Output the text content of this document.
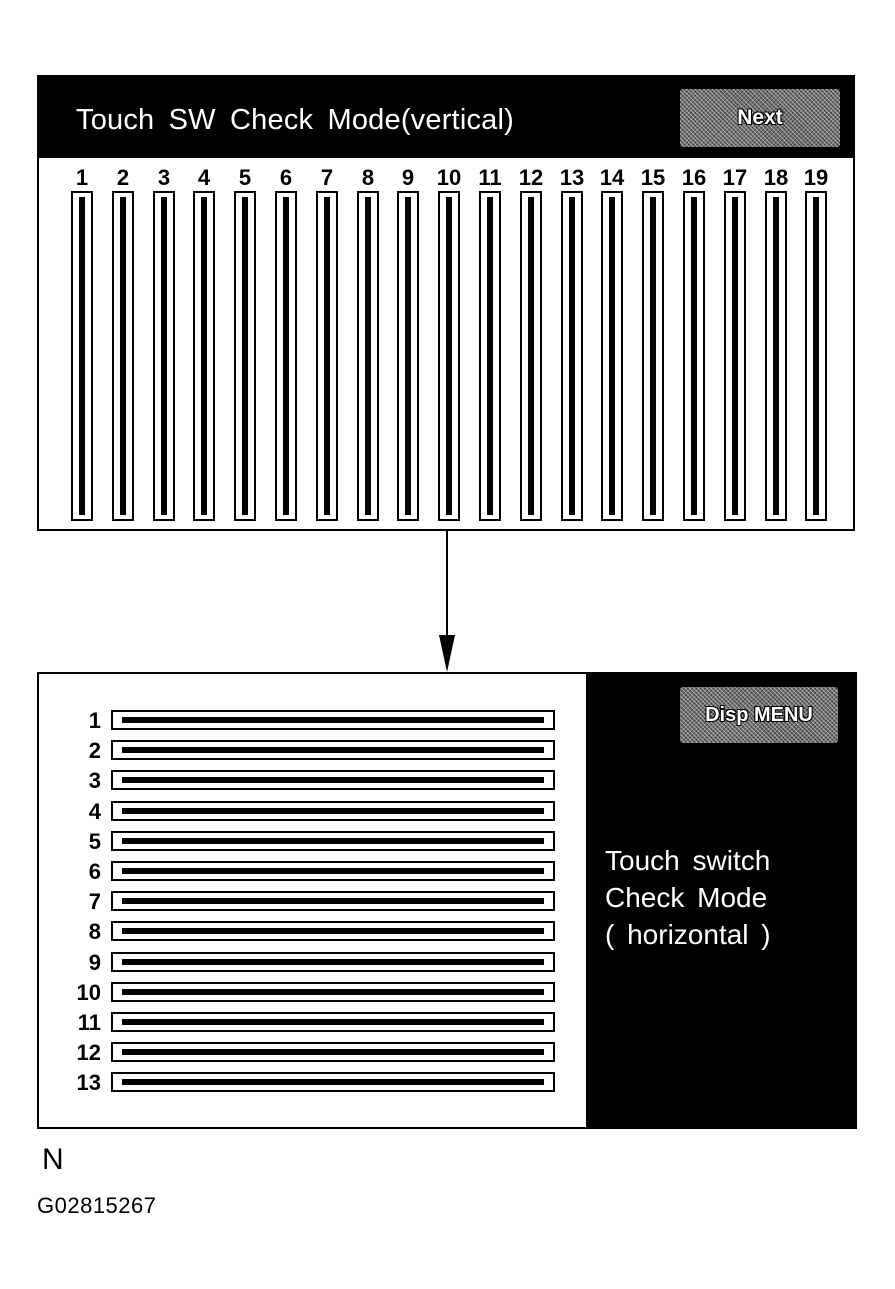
Touch SW Check Mode(vertical)	Next
1	2	3	4	5	6	7	8	9	10 11 12 13 14 15 16 17 18 19
1
2
3
4
5
6
7
8
9
10
11
12
13
Disp MENU
Touch switch
Check Mode
( horizontal )
N
G02815267
